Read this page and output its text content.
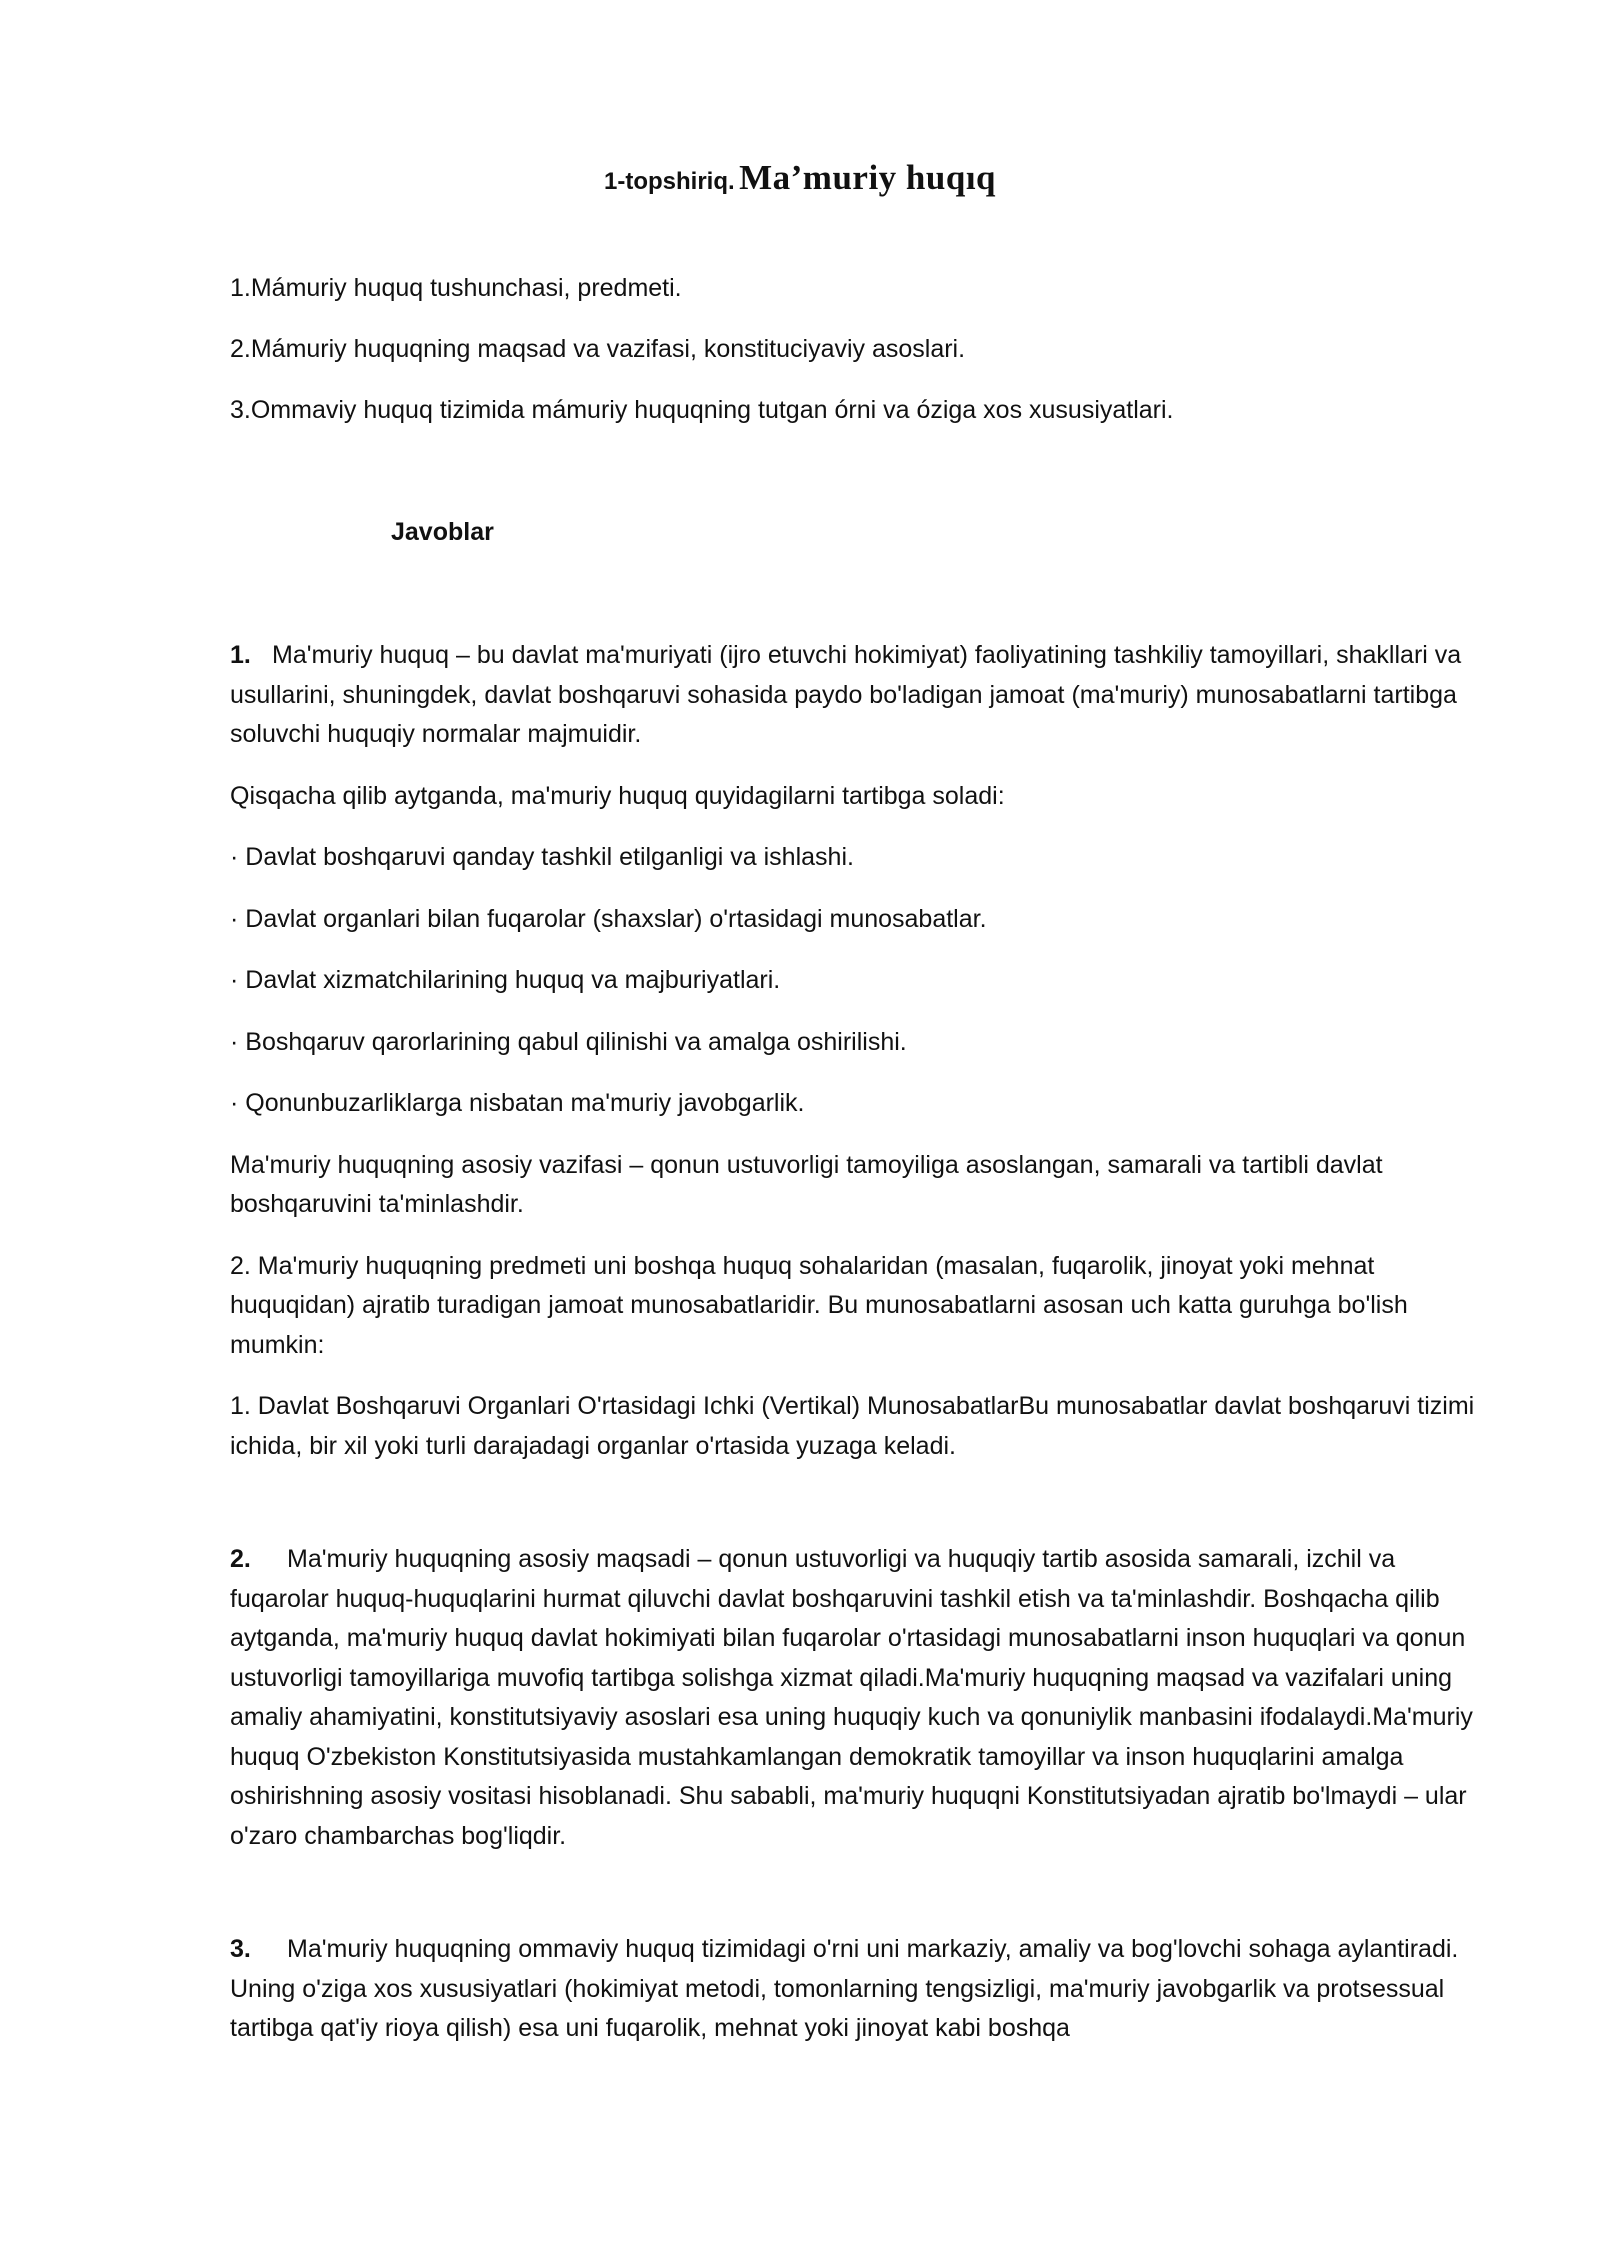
1-topshiriq. Ma’muriy huqıq

1.Mámuriy huquq tushunchasi, predmeti.

2.Mámuriy huquqning maqsad va vazifasi, konstituciyaviy asoslari.

3.Ommaviy huquq tizimida mámuriy huquqning tutgan órni va óziga xos xususiyatlari.

Javoblar

1. Ma'muriy huquq – bu davlat ma'muriyati (ijro etuvchi hokimiyat) faoliyatining tashkiliy tamoyillari, shakllari va usullarini, shuningdek, davlat boshqaruvi sohasida paydo bo'ladigan jamoat (ma'muriy) munosabatlarni tartibga soluvchi huquqiy normalar majmuidir.

Qisqacha qilib aytganda, ma'muriy huquq quyidagilarni tartibga soladi:

· Davlat boshqaruvi qanday tashkil etilganligi va ishlashi.

· Davlat organlari bilan fuqarolar (shaxslar) o'rtasidagi munosabatlar.

· Davlat xizmatchilarining huquq va majburiyatlari.

· Boshqaruv qarorlarining qabul qilinishi va amalga oshirilishi.

· Qonunbuzarliklarga nisbatan ma'muriy javobgarlik.

Ma'muriy huquqning asosiy vazifasi – qonun ustuvorligi tamoyiliga asoslangan, samarali va tartibli davlat boshqaruvini ta'minlashdir.

2. Ma'muriy huquqning predmeti uni boshqa huquq sohalaridan (masalan, fuqarolik, jinoyat yoki mehnat huquqidan) ajratib turadigan jamoat munosabatlaridir. Bu munosabatlarni asosan uch katta guruhga bo'lish mumkin:

1. Davlat Boshqaruvi Organlari O'rtasidagi Ichki (Vertikal) MunosabatlarBu munosabatlar davlat boshqaruvi tizimi ichida, bir xil yoki turli darajadagi organlar o'rtasida yuzaga keladi.

2. Ma'muriy huquqning asosiy maqsadi – qonun ustuvorligi va huquqiy tartib asosida samarali, izchil va fuqarolar huquq-huquqlarini hurmat qiluvchi davlat boshqaruvini tashkil etish va ta'minlashdir. Boshqacha qilib aytganda, ma'muriy huquq davlat hokimiyati bilan fuqarolar o'rtasidagi munosabatlarni inson huquqlari va qonun ustuvorligi tamoyillariga muvofiq tartibga solishga xizmat qiladi.Ma'muriy huquqning maqsad va vazifalari uning amaliy ahamiyatini, konstitutsiyaviy asoslari esa uning huquqiy kuch va qonuniylik manbasini ifodalaydi.Ma'muriy huquq O'zbekiston Konstitutsiyasida mustahkamlangan demokratik tamoyillar va inson huquqlarini amalga oshirishning asosiy vositasi hisoblanadi. Shu sababli, ma'muriy huquqni Konstitutsiyadan ajratib bo'lmaydi – ular o'zaro chambarchas bog'liqdir.

3. Ma'muriy huquqning ommaviy huquq tizimidagi o'rni uni markaziy, amaliy va bog'lovchi sohaga aylantiradi. Uning o'ziga xos xususiyatlari (hokimiyat metodi, tomonlarning tengsizligi, ma'muriy javobgarlik va protsessual tartibga qat'iy rioya qilish) esa uni fuqarolik, mehnat yoki jinoyat kabi boshqa
